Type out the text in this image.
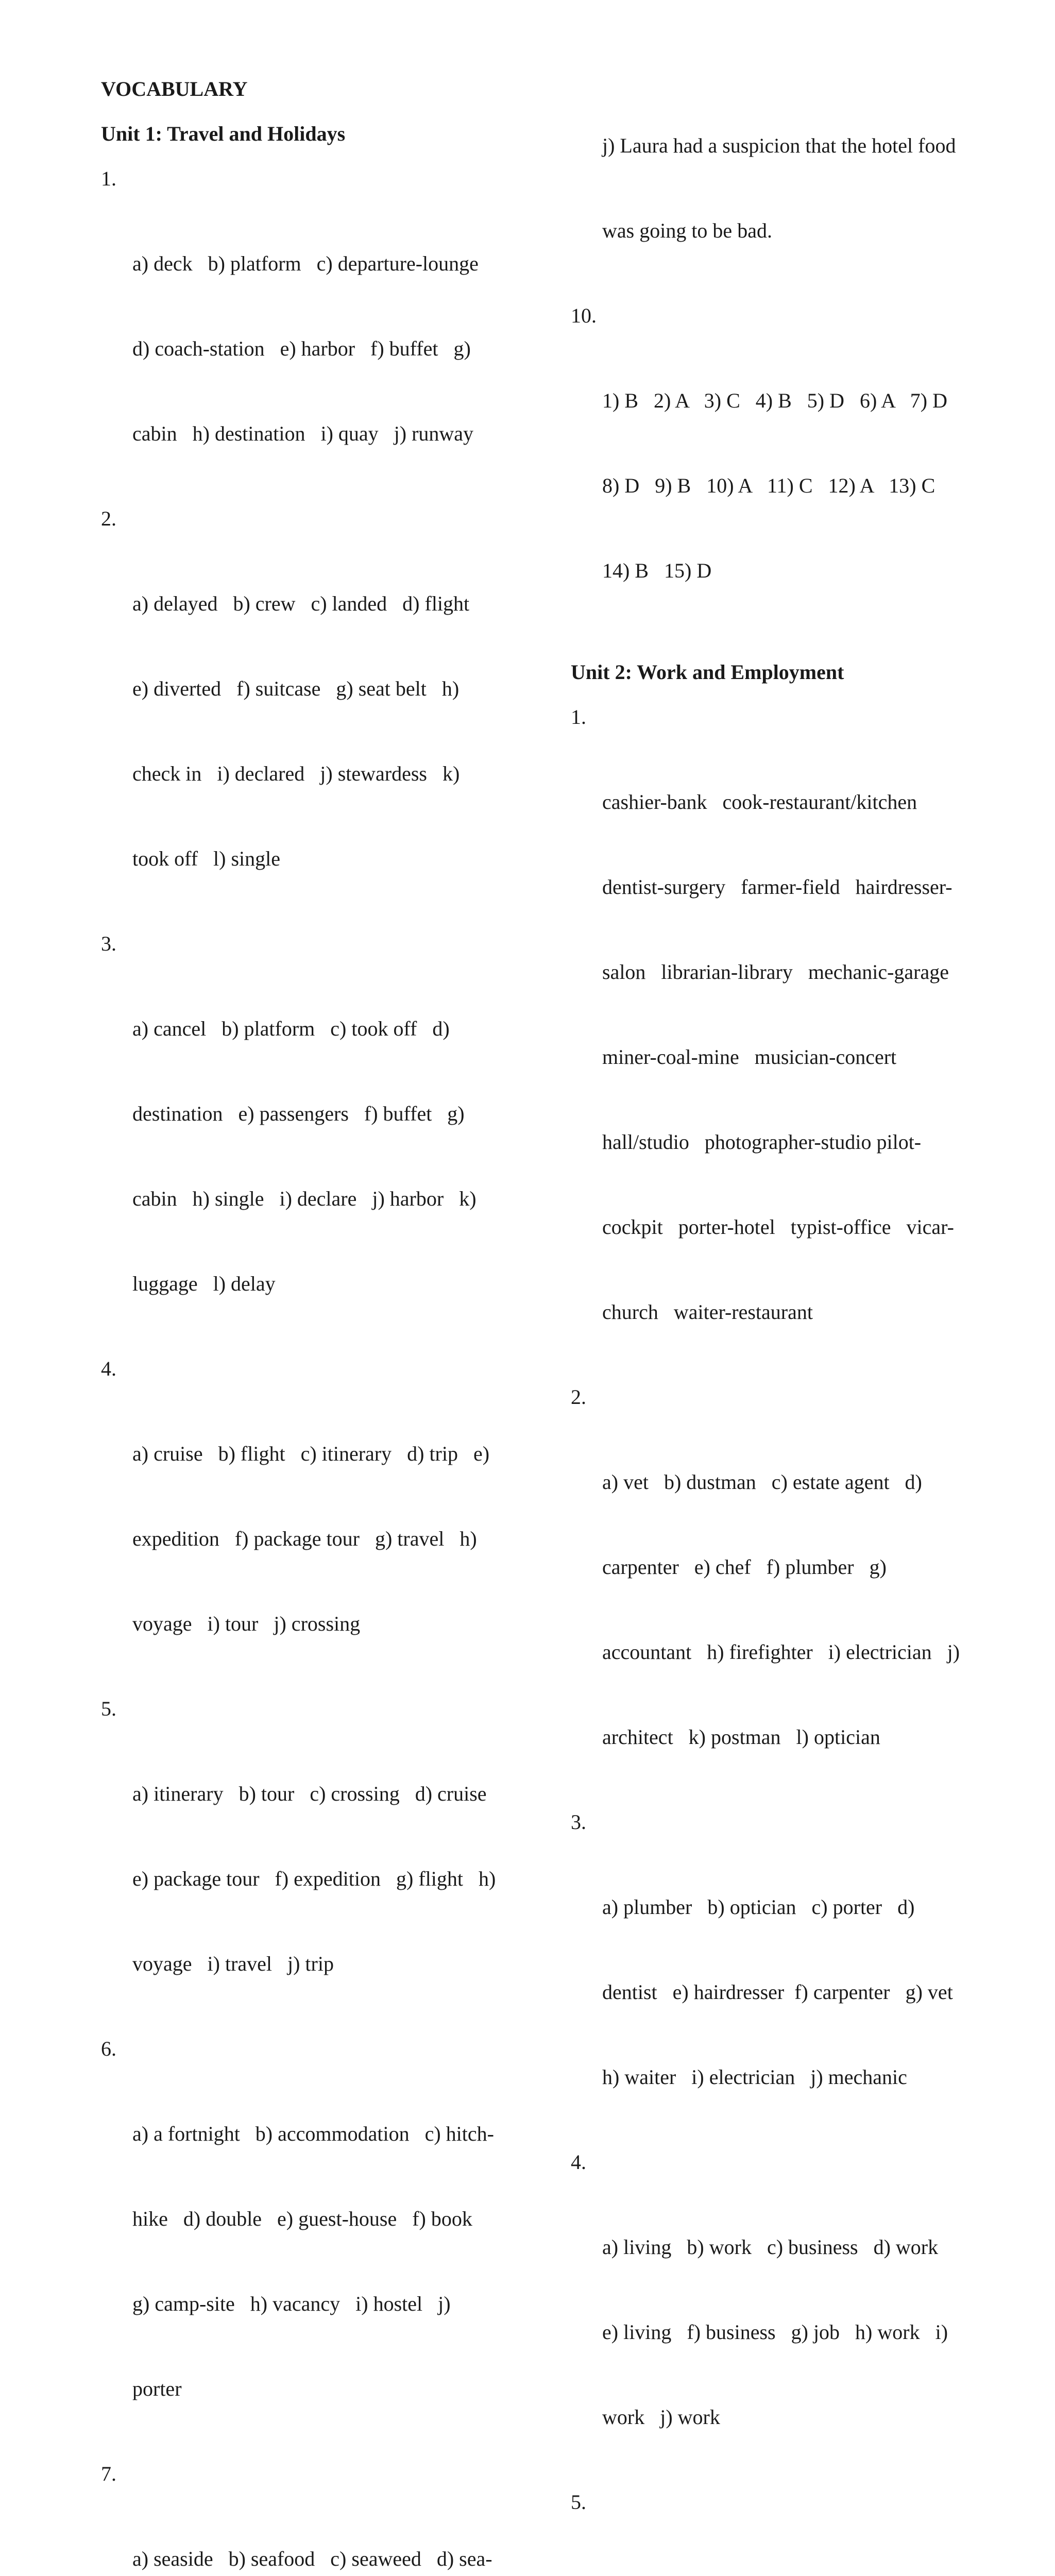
VOCABULARY

Unit 1: Travel and Holidays

1.

a) deck   b) platform   c) departure-lounge

d) coach-station   e) harbor   f) buffet   g)

cabin   h) destination   i) quay   j) runway

2.

a) delayed   b) crew   c) landed   d) flight

e) diverted   f) suitcase   g) seat belt   h)

check in   i) declared   j) stewardess   k)

took off   l) single

3.

a) cancel   b) platform   c) took off   d)

destination   e) passengers   f) buffet   g)

cabin   h) single   i) declare   j) harbor   k)

luggage   l) delay

4.

a) cruise   b) flight   c) itinerary   d) trip   e)

expedition   f) package tour   g) travel   h)

voyage   i) tour   j) crossing

5.

a) itinerary   b) tour   c) crossing   d) cruise

e) package tour   f) expedition   g) flight   h)

voyage   i) travel   j) trip

6.

a) a fortnight   b) accommodation   c) hitch-

hike   d) double   e) guest-house   f) book

g) camp-site   h) vacancy   i) hostel   j)

porter

7.

a) seaside   b) seafood   c) seaweed   d) sea-

j) Laura had a suspicion that the hotel food

was going to be bad.

10.

1) B   2) A   3) C   4) B   5) D   6) A   7) D

8) D   9) B   10) A   11) C   12) A   13) C

14) B   15) D

Unit 2: Work and Employment

1.

cashier-bank   cook-restaurant/kitchen

dentist-surgery   farmer-field   hairdresser-

salon   librarian-library   mechanic-garage

miner-coal-mine   musician-concert

hall/studio   photographer-studio pilot-

cockpit   porter-hotel   typist-office   vicar-

church   waiter-restaurant

2.

a) vet   b) dustman   c) estate agent   d)

carpenter   e) chef   f) plumber   g)

accountant   h) firefighter   i) electrician   j)

architect   k) postman   l) optician

3.

a) plumber   b) optician   c) porter   d)

dentist   e) hairdresser  f) carpenter   g) vet

h) waiter   i) electrician   j) mechanic

4.

a) living   b) work   c) business   d) work

e) living   f) business   g) job   h) work   i)

work   j) work

5.
